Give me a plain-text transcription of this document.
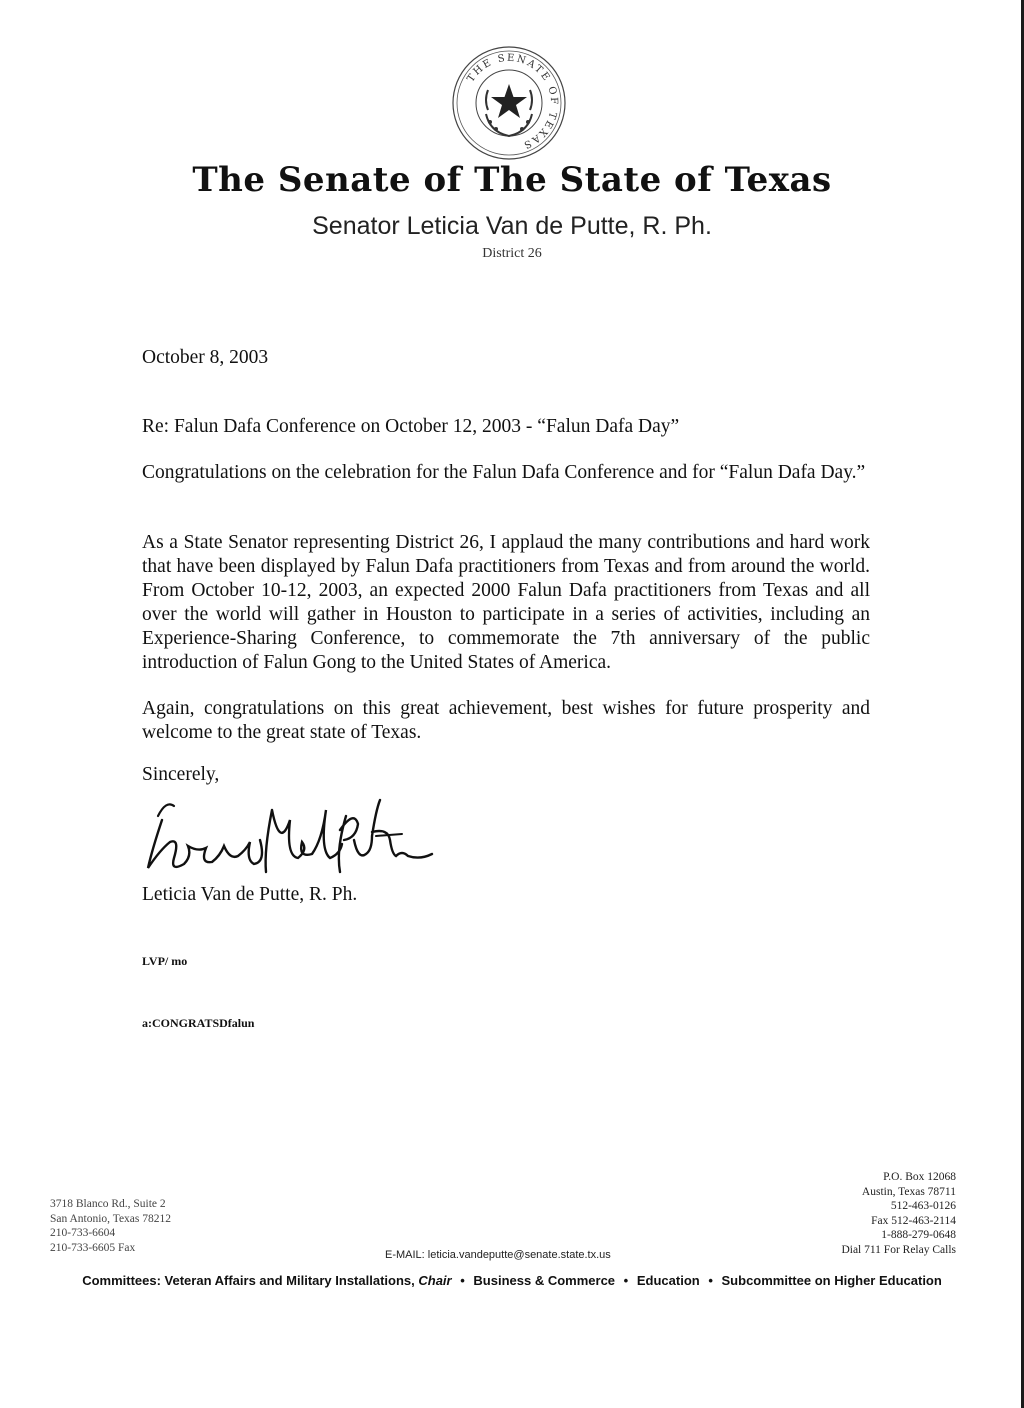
THE SENATE OF TEXAS
The Senate of The State of Texas
Senator Leticia Van de Putte, R. Ph.
District 26
October 8, 2003
Re: Falun Dafa Conference on October 12, 2003 - “Falun Dafa Day”
Congratulations on the celebration for the Falun Dafa Conference and for “Falun Dafa Day.”
As a State Senator representing District 26, I applaud the many contributions and hard work that have been displayed by Falun Dafa practitioners from Texas and from around the world. From October 10-12, 2003, an expected 2000 Falun Dafa practitioners from Texas and all over the world will gather in Houston to participate in a series of activities, including an Experience-Sharing Conference, to commemorate the 7th anniversary of the public introduction of Falun Gong to the United States of America.
Again, congratulations on this great achievement, best wishes for future prosperity and welcome to the great state of Texas.
Sincerely,
Leticia Van de Putte, R. Ph.
LVP/ mo
a:CONGRATSDfalun
3718 Blanco Rd., Suite 2
San Antonio, Texas 78212
210-733-6604
210-733-6605 Fax
E-MAIL: leticia.vandeputte@senate.state.tx.us
P.O. Box 12068
Austin, Texas 78711
512-463-0126
Fax 512-463-2114
1-888-279-0648
Dial 711 For Relay Calls
Committees: Veteran Affairs and Military Installations, Chair • Business & Commerce • Education • Subcommittee on Higher Education
